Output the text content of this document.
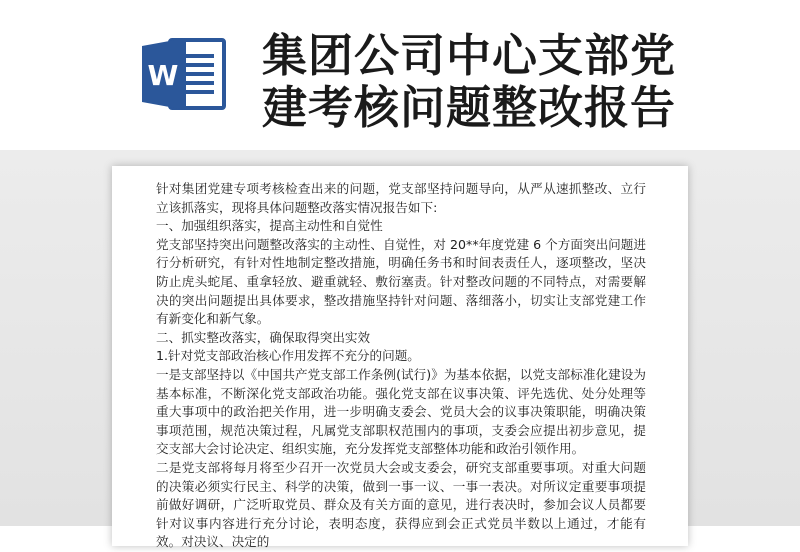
W 集团公司中心支部党
建考核问题整改报告

针对集团党建专项考核检查出来的问题，党支部坚持问题导向，从严从速抓整改、立行立该抓落实，现将具体问题整改落实情况报告如下:

一、加强组织落实，提高主动性和自觉性

党支部坚持突出问题整改落实的主动性、自觉性，对 20**年度党建 6 个方面突出问题进行分析研究，有针对性地制定整改措施，明确任务书和时间表责任人，逐项整改，坚决防止虎头蛇尾、重拿轻放、避重就轻、敷衍塞责。针对整改问题的不同特点，对需要解决的突出问题提出具体要求，整改措施坚持针对问题、落细落小，切实让支部党建工作有新变化和新气象。

二、抓实整改落实，确保取得突出实效

1.针对党支部政治核心作用发挥不充分的问题。

一是支部坚持以《中国共产党支部工作条例(试行)》为基本依据，以党支部标准化建设为基本标准，不断深化党支部政治功能。强化党支部在议事决策、评先选优、处分处理等重大事项中的政治把关作用，进一步明确支委会、党员大会的议事决策职能，明确决策事项范围，规范决策过程，凡属党支部职权范围内的事项，支委会应提出初步意见，提交支部大会讨论决定、组织实施，充分发挥党支部整体功能和政治引领作用。

二是党支部将每月将至少召开一次党员大会或支委会，研究支部重要事项。对重大问题的决策必须实行民主、科学的决策，做到一事一议、一事一表决。对所议定重要事项提前做好调研，广泛听取党员、群众及有关方面的意见，进行表决时，参加会议人员都要针对议事内容进行充分讨论，表明态度，获得应到会正式党员半数以上通过，才能有效。对决议、决定的
